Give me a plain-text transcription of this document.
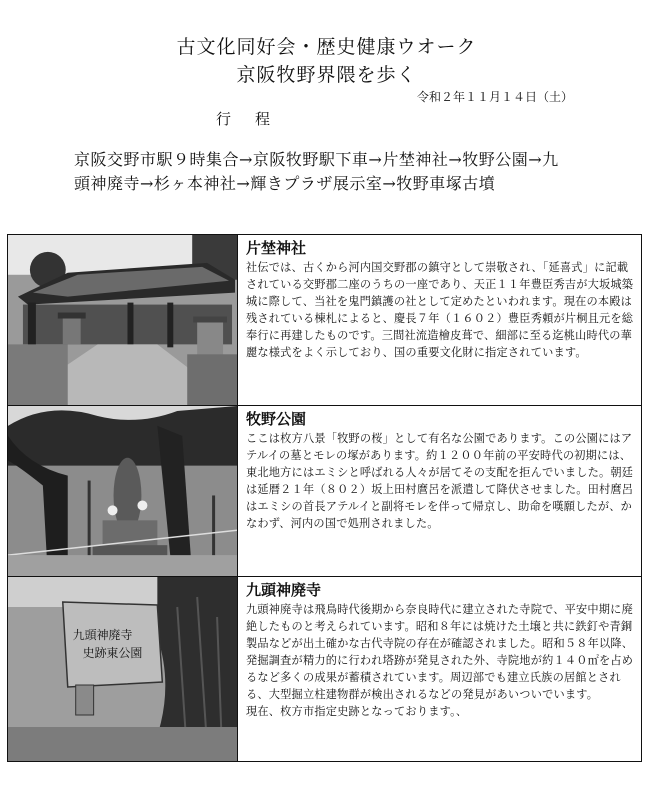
古文化同好会・歴史健康ウオーク
京阪牧野界隈を歩く
令和２年１１月１４日（土）
行程
京阪交野市駅９時集合→京阪牧野駅下車→片埜神社→牧野公園→九頭神廃寺→杉ヶ本神社→輝きプラザ展示室→牧野車塚古墳
片埜神社

社伝では、古くから河内国交野郡の鎮守として崇敬され、「延喜式」に記載されている交野郡二座のうちの一座であり、天正１１年豊臣秀吉が大坂城築城に際して、当社を鬼門鎮護の社として定めたといわれます。現在の本殿は残されている棟札によると、慶長７年（１６０２）豊臣秀頼が片桐且元を総奉行に再建したものです。三間社流造檜皮葺で、細部に至る迄桃山時代の華麗な様式をよく示しており、国の重要文化財に指定されています。

牧野公園

ここは枚方八景「牧野の桜」として有名な公園であります。この公園にはアテルイの墓とモレの塚があります。約１２００年前の平安時代の初期には、東北地方にはエミシと呼ばれる人々が居てその支配を拒んでいました。朝廷は延暦２１年（８０２）坂上田村麿呂を派遣して降伏させました。田村麿呂はエミシの首長アテルイと副将モレを伴って帰京し、助命を嘆願したが、かなわず、河内の国で処刑されました。

九頭神廃寺
史跡東公園
九頭神廃寺

九頭神廃寺は飛鳥時代後期から奈良時代に建立された寺院で、平安中期に廃絶したものと考えられています。昭和８年には焼けた土壌と共に鉄釘や青銅製品などが出土確かな古代寺院の存在が確認されました。昭和５８年以降、発掘調査が精力的に行われ塔跡が発見された外、寺院地が約１４０㎡を占めるなど多くの成果が蓄積されています。周辺部でも建立氏族の居館とされる、大型掘立柱建物群が検出されるなどの発見があいついでいます。

現在、枚方市指定史跡となっております。、
